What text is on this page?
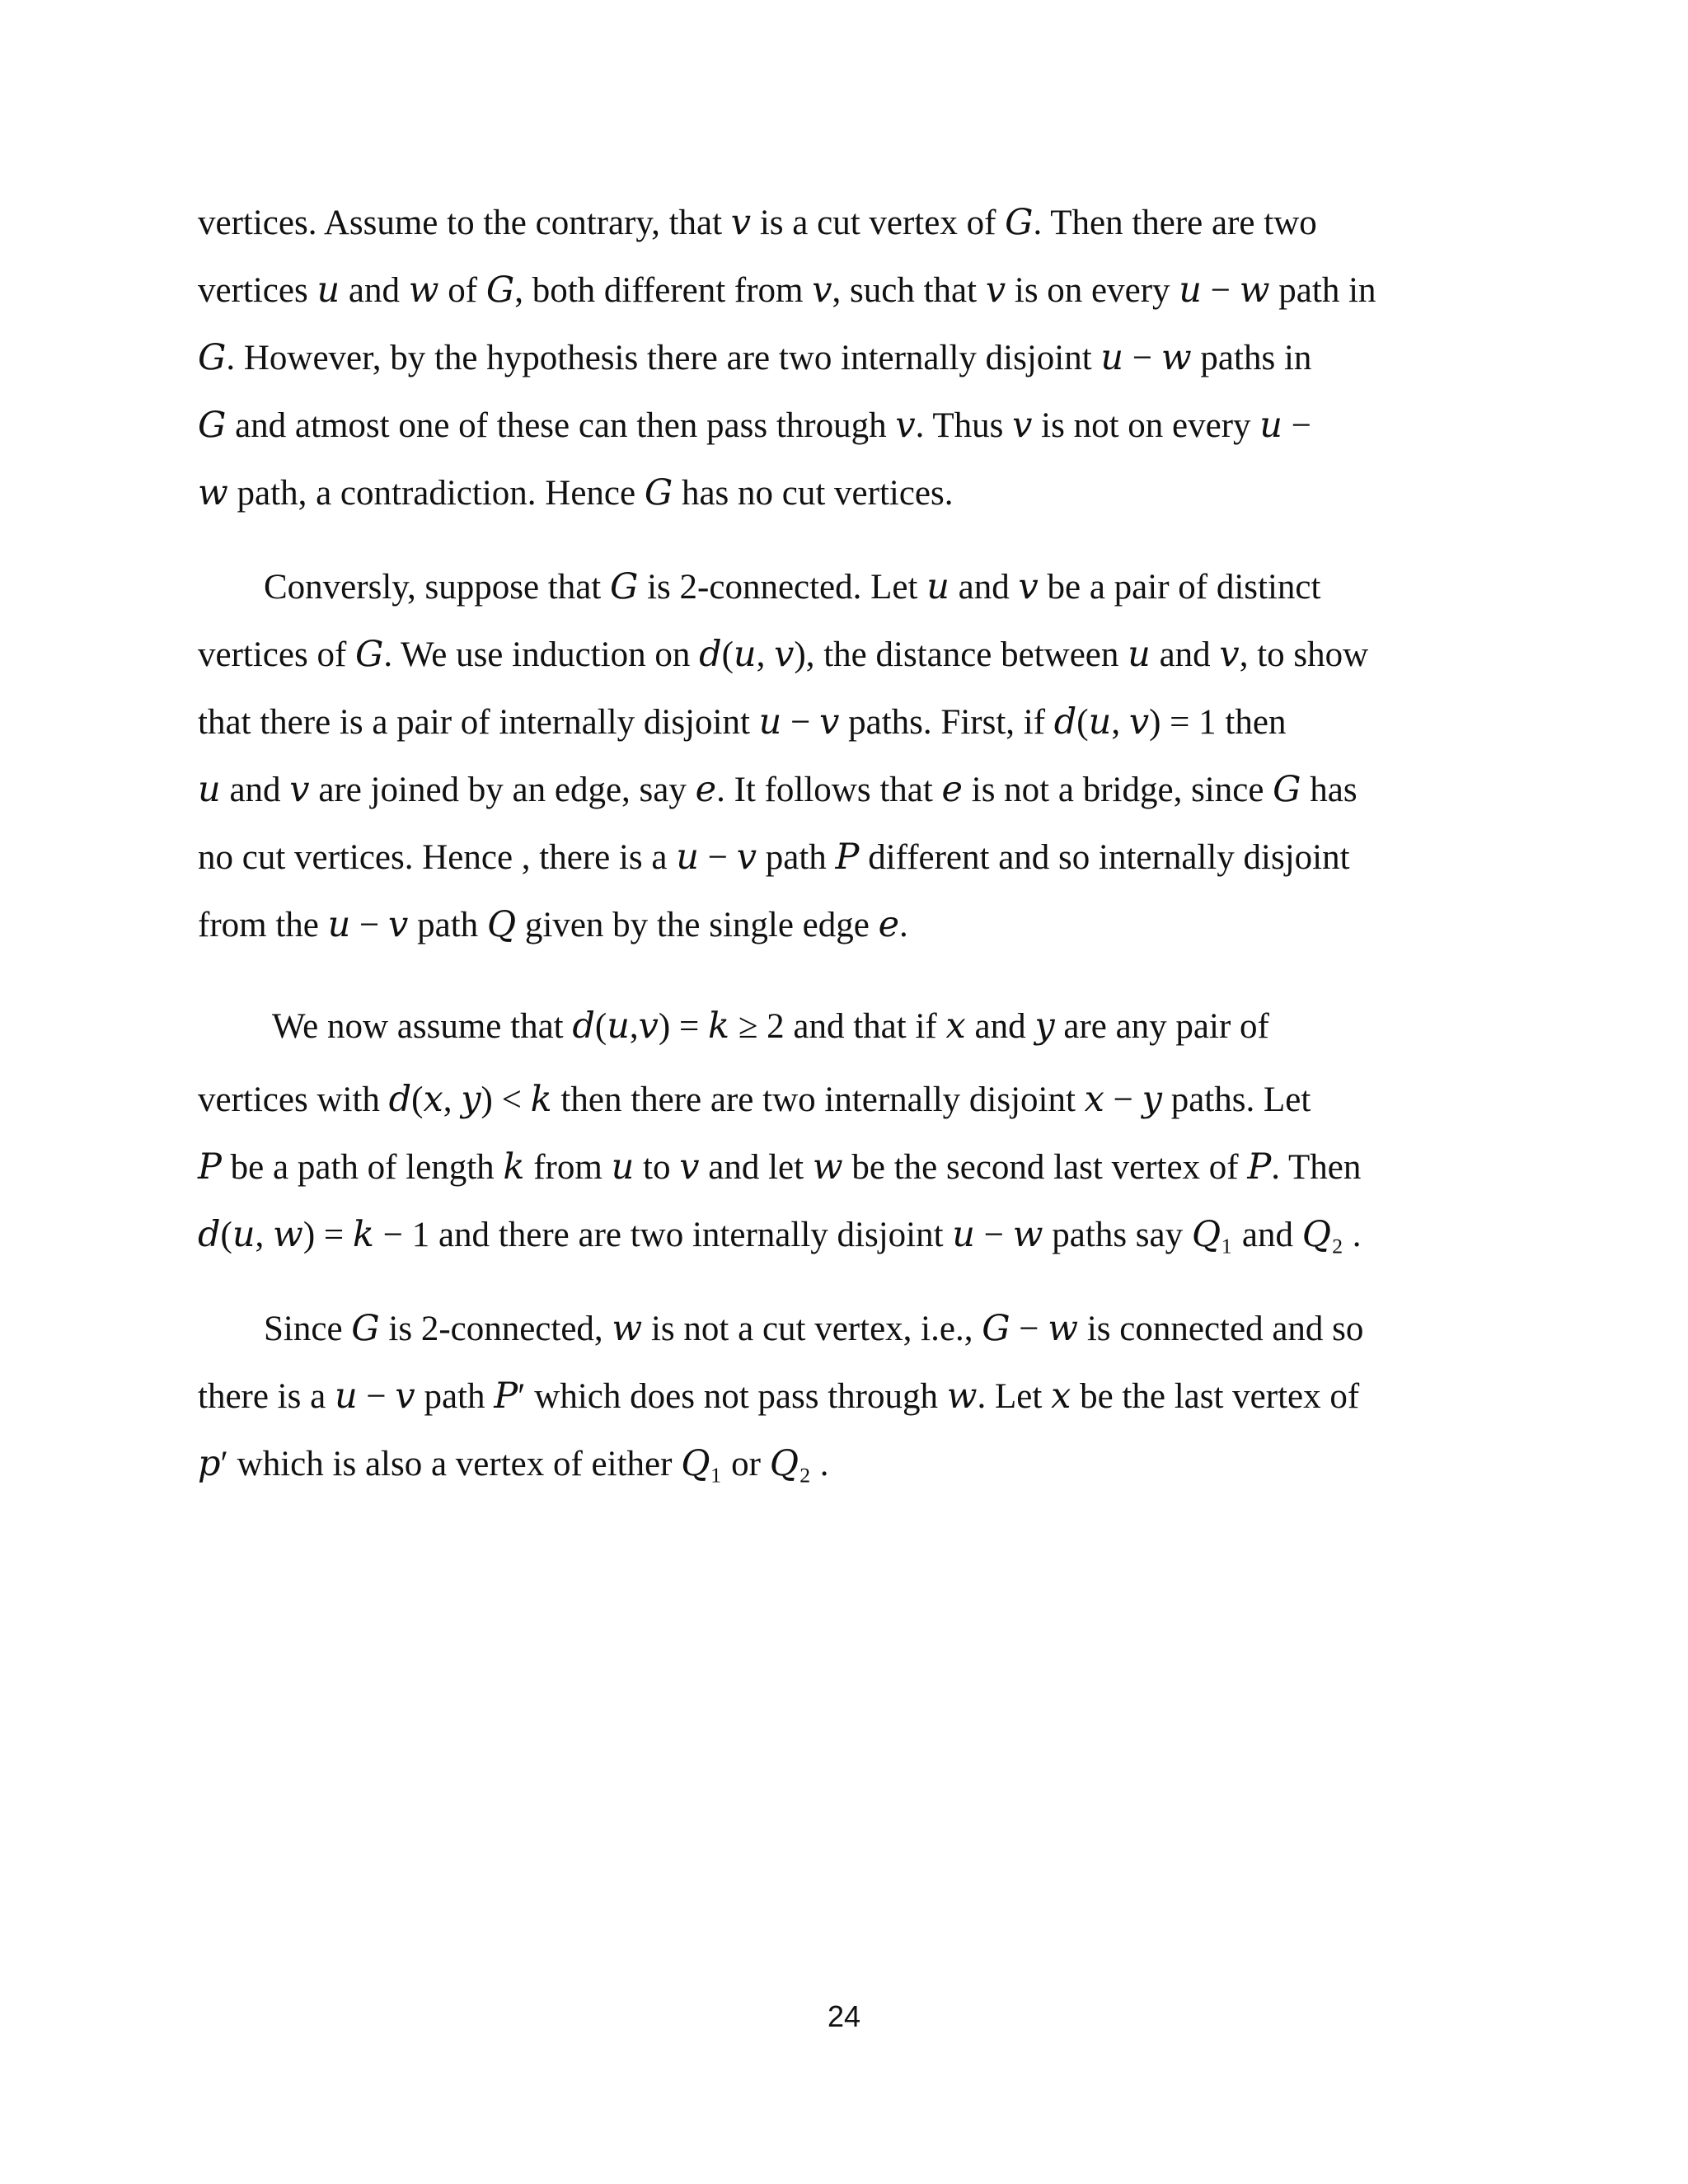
vertices. Assume to the contrary, that 𝑣 is a cut vertex of 𝐺. Then there are two
vertices 𝑢 and 𝑤 of 𝐺, both different from 𝑣, such that 𝑣 is on every 𝑢 − 𝑤 path in
𝐺. However, by the hypothesis there are two internally disjoint 𝑢 − 𝑤 paths in
𝐺 and atmost one of these can then pass through 𝑣. Thus 𝑣 is not on every 𝑢 −
𝑤 path, a contradiction. Hence 𝐺 has no cut vertices.

Conversly, suppose that 𝐺 is 2-connected. Let 𝑢 and 𝑣 be a pair of distinct
vertices of 𝐺. We use induction on 𝑑(𝑢, 𝑣), the distance between 𝑢 and 𝑣, to show
that there is a pair of internally disjoint 𝑢 − 𝑣 paths. First, if 𝑑(𝑢, 𝑣) = 1 then
𝑢 and 𝑣 are joined by an edge, say 𝑒. It follows that 𝑒 is not a bridge, since 𝐺 has
no cut vertices. Hence , there is a 𝑢 − 𝑣 path 𝑃 different and so internally disjoint
from the 𝑢 − 𝑣 path 𝑄 given by the single edge 𝑒.

We now assume that 𝑑(𝑢,𝑣) = 𝑘 ≥ 2 and that if 𝑥 and 𝑦 are any pair of
vertices with 𝑑(𝑥, 𝑦) < 𝑘 then there are two internally disjoint 𝑥 − 𝑦 paths. Let
𝑃 be a path of length 𝑘 from 𝑢 to 𝑣 and let 𝑤 be the second last vertex of 𝑃. Then
𝑑(𝑢, 𝑤) = 𝑘 − 1 and there are two internally disjoint 𝑢 − 𝑤 paths say 𝑄₁ and 𝑄₂ .

Since 𝐺 is 2-connected, 𝑤 is not a cut vertex, i.e., 𝐺 − 𝑤 is connected and so
there is a 𝑢 − 𝑣 path 𝑃′ which does not pass through 𝑤. Let 𝑥 be the last vertex of
𝑝′ which is also a vertex of either 𝑄₁ or 𝑄₂ .

24
